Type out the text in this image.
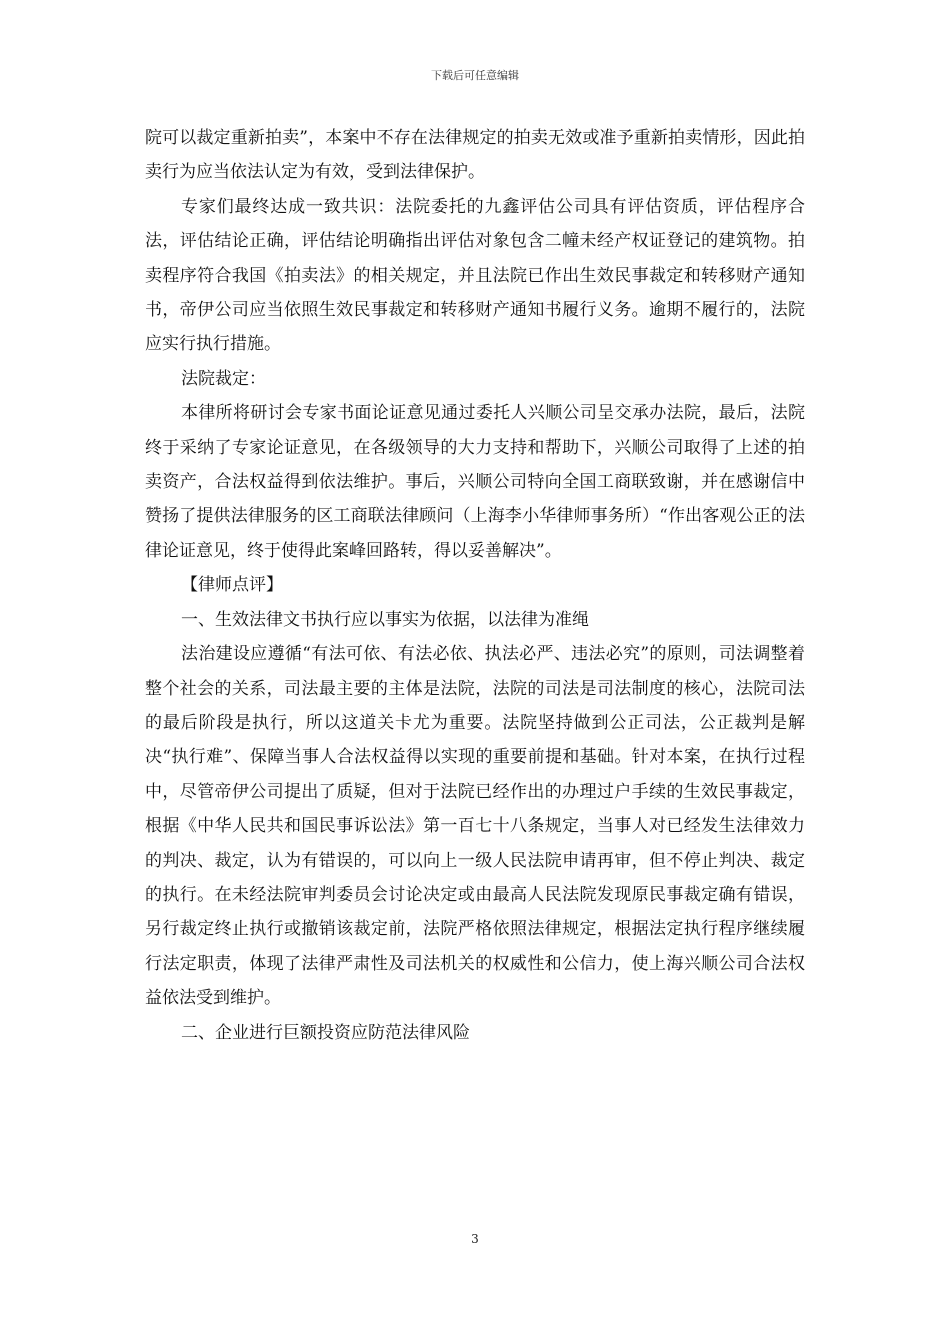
下载后可任意编辑

院可以裁定重新拍卖”，本案中不存在法律规定的拍卖无效或准予重新拍卖情形，因此拍卖行为应当依法认定为有效，受到法律保护。

专家们最终达成一致共识：法院委托的九鑫评估公司具有评估资质，评估程序合法，评估结论正确，评估结论明确指出评估对象包含二幢未经产权证登记的建筑物。拍卖程序符合我国《拍卖法》的相关规定，并且法院已作出生效民事裁定和转移财产通知书，帝伊公司应当依照生效民事裁定和转移财产通知书履行义务。逾期不履行的，法院应实行执行措施。

法院裁定：

本律所将研讨会专家书面论证意见通过委托人兴顺公司呈交承办法院，最后，法院终于采纳了专家论证意见，在各级领导的大力支持和帮助下，兴顺公司取得了上述的拍卖资产，合法权益得到依法维护。事后，兴顺公司特向全国工商联致谢，并在感谢信中赞扬了提供法律服务的区工商联法律顾问（上海李小华律师事务所）“作出客观公正的法律论证意见，终于使得此案峰回路转，得以妥善解决”。

【律师点评】

一、生效法律文书执行应以事实为依据，以法律为准绳

法治建设应遵循“有法可依、有法必依、执法必严、违法必究”的原则，司法调整着整个社会的关系，司法最主要的主体是法院，法院的司法是司法制度的核心，法院司法的最后阶段是执行，所以这道关卡尤为重要。法院坚持做到公正司法，公正裁判是解决“执行难”、保障当事人合法权益得以实现的重要前提和基础。针对本案，在执行过程中，尽管帝伊公司提出了质疑，但对于法院已经作出的办理过户手续的生效民事裁定，根据《中华人民共和国民事诉讼法》第一百七十八条规定，当事人对已经发生法律效力的判决、裁定，认为有错误的，可以向上一级人民法院申请再审，但不停止判决、裁定的执行。在未经法院审判委员会讨论决定或由最高人民法院发现原民事裁定确有错误，另行裁定终止执行或撤销该裁定前，法院严格依照法律规定，根据法定执行程序继续履行法定职责，体现了法律严肃性及司法机关的权威性和公信力，使上海兴顺公司合法权益依法受到维护。

二、企业进行巨额投资应防范法律风险

3
